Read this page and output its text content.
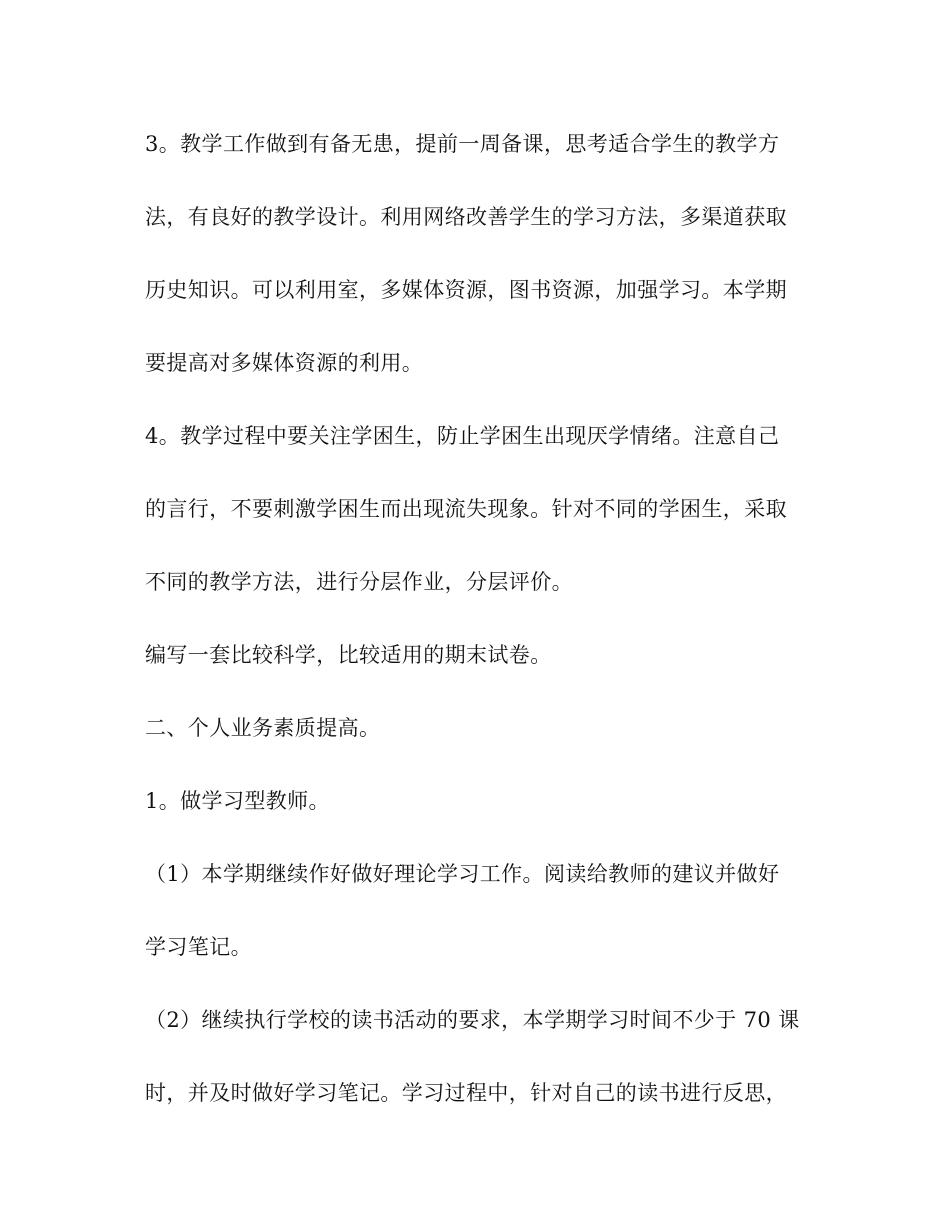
3。教学工作做到有备无患，提前一周备课，思考适合学生的教学方
法，有良好的教学设计。利用网络改善学生的学习方法，多渠道获取
历史知识。可以利用室，多媒体资源，图书资源，加强学习。本学期
要提高对多媒体资源的利用。
4。教学过程中要关注学困生，防止学困生出现厌学情绪。注意自己
的言行，不要刺激学困生而出现流失现象。针对不同的学困生，采取
不同的教学方法，进行分层作业，分层评价。
编写一套比较科学，比较适用的期末试卷。
二、个人业务素质提高。
1。做学习型教师。
（1）本学期继续作好做好理论学习工作。阅读给教师的建议并做好
学习笔记。
（2）继续执行学校的读书活动的要求，本学期学习时间不少于 70 课
时，并及时做好学习笔记。学习过程中，针对自己的读书进行反思，
